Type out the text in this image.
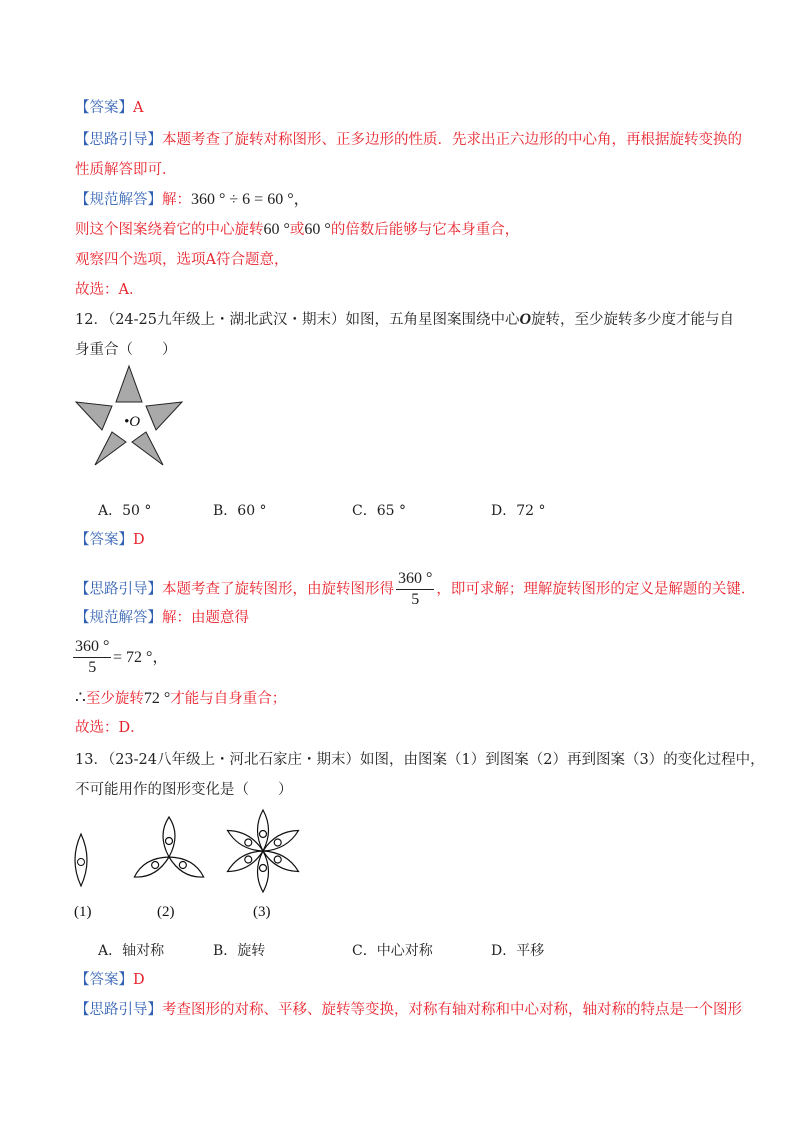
【答案】A
【思路引导】本题考查了旋转对称图形、正多边形的性质．先求出正六边形的中心角，再根据旋转变换的
性质解答即可．
【规范解答】解：360 ° ÷ 6 = 60 °，
则这个图案绕着它的中心旋转60 °或60 °的倍数后能够与它本身重合，
观察四个选项，选项A符合题意，
故选：A．
12．（24-25九年级上・湖北武汉・期末）如图，五角星图案围绕中心O旋转，至少旋转多少度才能与自
身重合（　　）
•O
A．50 °	B．60 °	C．65 °	D．72 °
【答案】D
【思路引导】本题考查了旋转图形，由旋转图形得 $\frac{360 ^\circ}{5}$ ，即可求解；理解旋转图形的定义是解题的关键．
【规范解答】解：由题意得
$\frac{360 ^\circ}{5} = 72$ °，
∴至少旋转72 °才能与自身重合；
故选：D．
13．（23-24八年级上・河北石家庄・期末）如图，由图案（1）到图案（2）再到图案（3）的变化过程中，
不可能用作的图形变化是（　　）
(1)	(2)	(3)
A．轴对称	B．旋转	C．中心对称	D．平移
【答案】D
【思路引导】考查图形的对称、平移、旋转等变换，对称有轴对称和中心对称，轴对称的特点是一个图形
